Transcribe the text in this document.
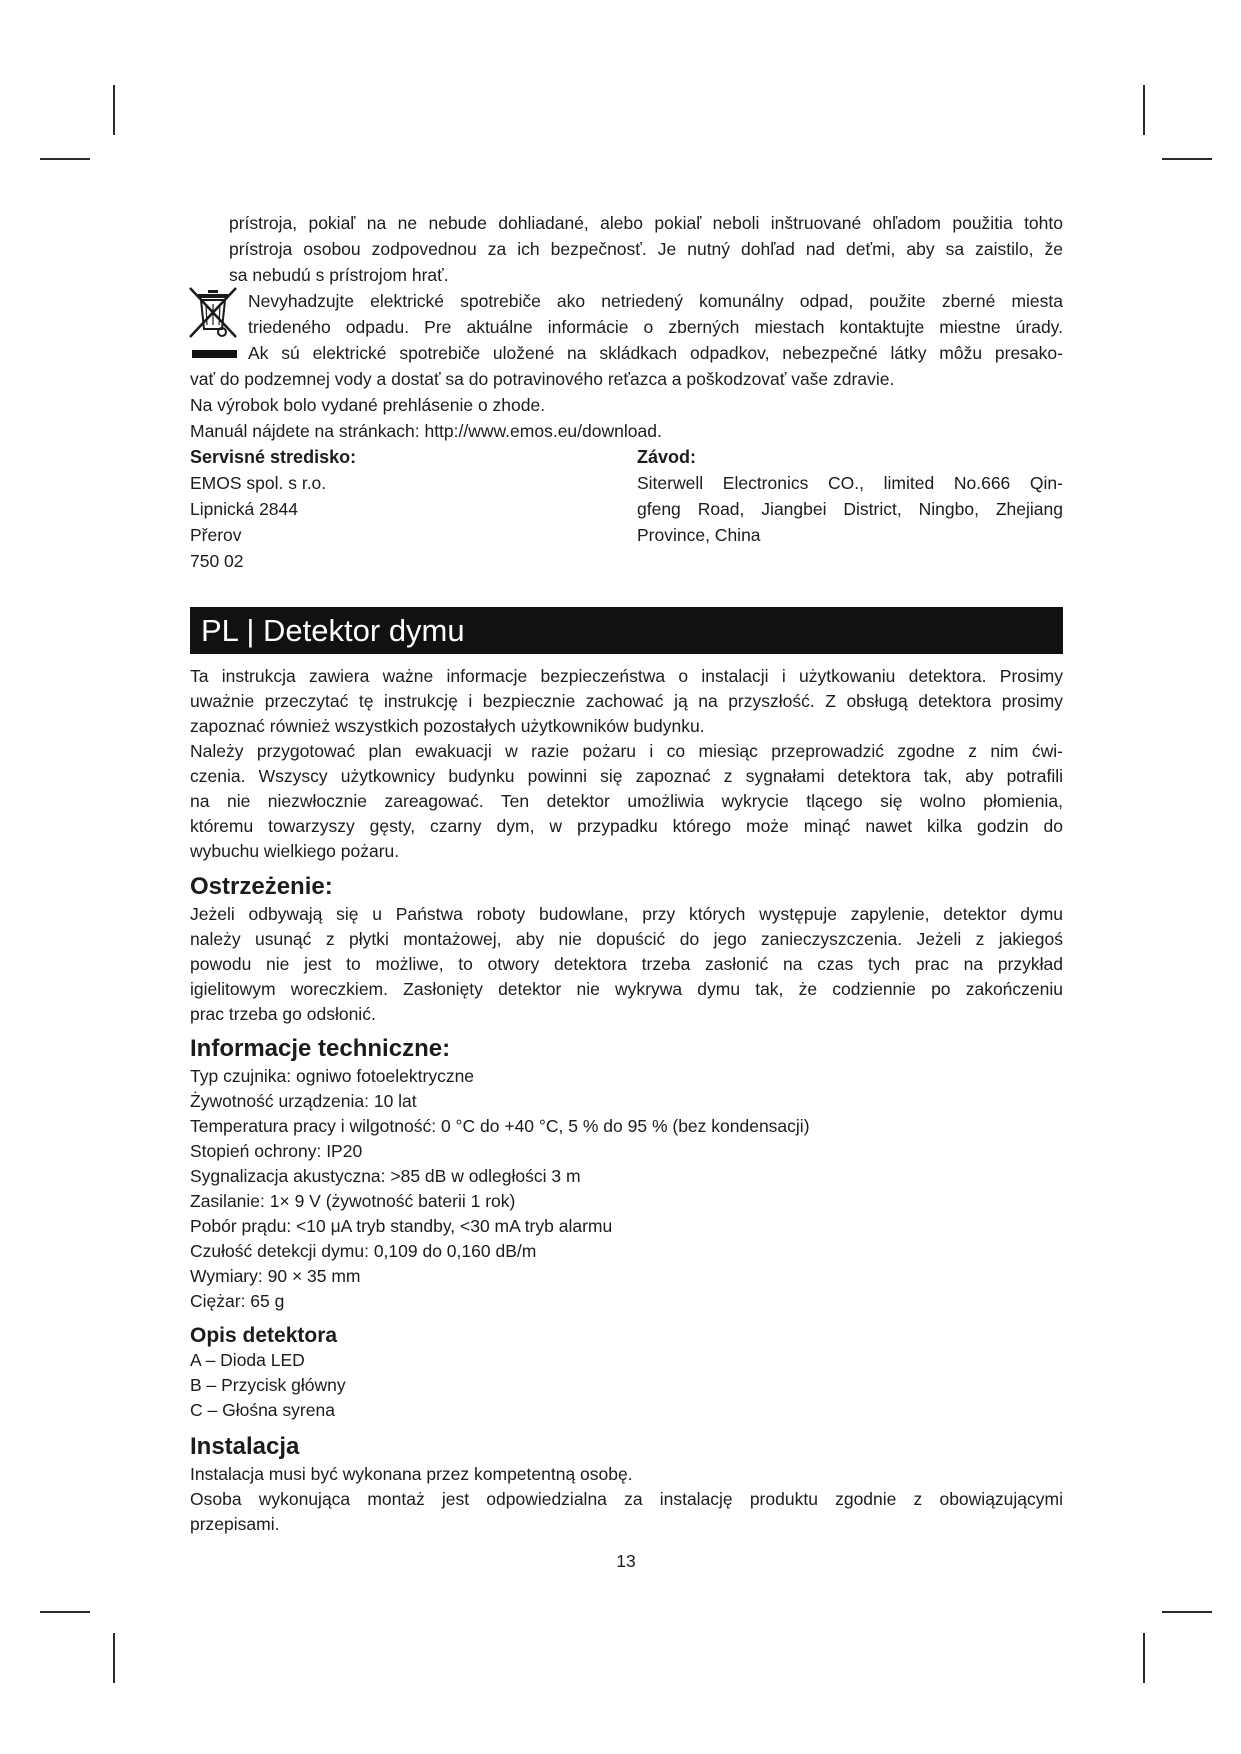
prístroja, pokiaľ na ne nebude dohliadané, alebo pokiaľ neboli inštruované ohľadom použitia tohto
prístroja osobou zodpovednou za ich bezpečnosť. Je nutný dohľad nad deťmi, aby sa zaistilo, že
sa nebudú s prístrojom hrať.
Nevyhadzujte elektrické spotrebiče ako netriedený komunálny odpad, použite zberné miesta
triedeného odpadu. Pre aktuálne informácie o zberných miestach kontaktujte miestne úrady.
Ak sú elektrické spotrebiče uložené na skládkach odpadkov, nebezpečné látky môžu presako-
vať do podzemnej vody a dostať sa do potravinového reťazca a poškodzovať vaše zdravie.
Na výrobok bolo vydané prehlásenie o zhode.
Manuál nájdete na stránkach: http://www.emos.eu/download.
Servisné stredisko:
EMOS spol. s r.o.
Lipnická 2844
Přerov
750 02
Závod:
Siterwell Electronics CO., limited No.666 Qin-
gfeng Road, Jiangbei District, Ningbo, Zhejiang
Province, China
PL | Detektor dymu
Ta instrukcja zawiera ważne informacje bezpieczeństwa o instalacji i użytkowaniu detektora. Prosimy
uważnie przeczytać tę instrukcję i bezpiecznie zachować ją na przyszłość. Z obsługą detektora prosimy
zapoznać również wszystkich pozostałych użytkowników budynku.
Należy przygotować plan ewakuacji w razie pożaru i co miesiąc przeprowadzić zgodne z nim ćwi-
czenia. Wszyscy użytkownicy budynku powinni się zapoznać z sygnałami detektora tak, aby potrafili
na nie niezwłocznie zareagować. Ten detektor umożliwia wykrycie tlącego się wolno płomienia,
któremu towarzyszy gęsty, czarny dym, w przypadku którego może minąć nawet kilka godzin do
wybuchu wielkiego pożaru.
Ostrzeżenie:
Jeżeli odbywają się u Państwa roboty budowlane, przy których występuje zapylenie, detektor dymu
należy usunąć z płytki montażowej, aby nie dopuścić do jego zanieczyszczenia. Jeżeli z jakiegoś
powodu nie jest to możliwe, to otwory detektora trzeba zasłonić na czas tych prac na przykład
igielitowym woreczkiem. Zasłonięty detektor nie wykrywa dymu tak, że codziennie po zakończeniu
prac trzeba go odsłonić.
Informacje techniczne:
Typ czujnika: ogniwo fotoelektryczne
Żywotność urządzenia: 10 lat
Temperatura pracy i wilgotność: 0 °C do +40 °C, 5 % do 95 % (bez kondensacji)
Stopień ochrony: IP20
Sygnalizacja akustyczna: >85 dB w odległości 3 m
Zasilanie: 1× 9 V (żywotność baterii 1 rok)
Pobór prądu: <10 μA tryb standby, <30 mA tryb alarmu
Czułość detekcji dymu: 0,109 do 0,160 dB/m
Wymiary: 90 × 35 mm
Ciężar: 65 g
Opis detektora
A – Dioda LED
B – Przycisk główny
C – Głośna syrena
Instalacja
Instalacja musi być wykonana przez kompetentną osobę.
Osoba wykonująca montaż jest odpowiedzialna za instalację produktu zgodnie z obowiązującymi
przepisami.
13
